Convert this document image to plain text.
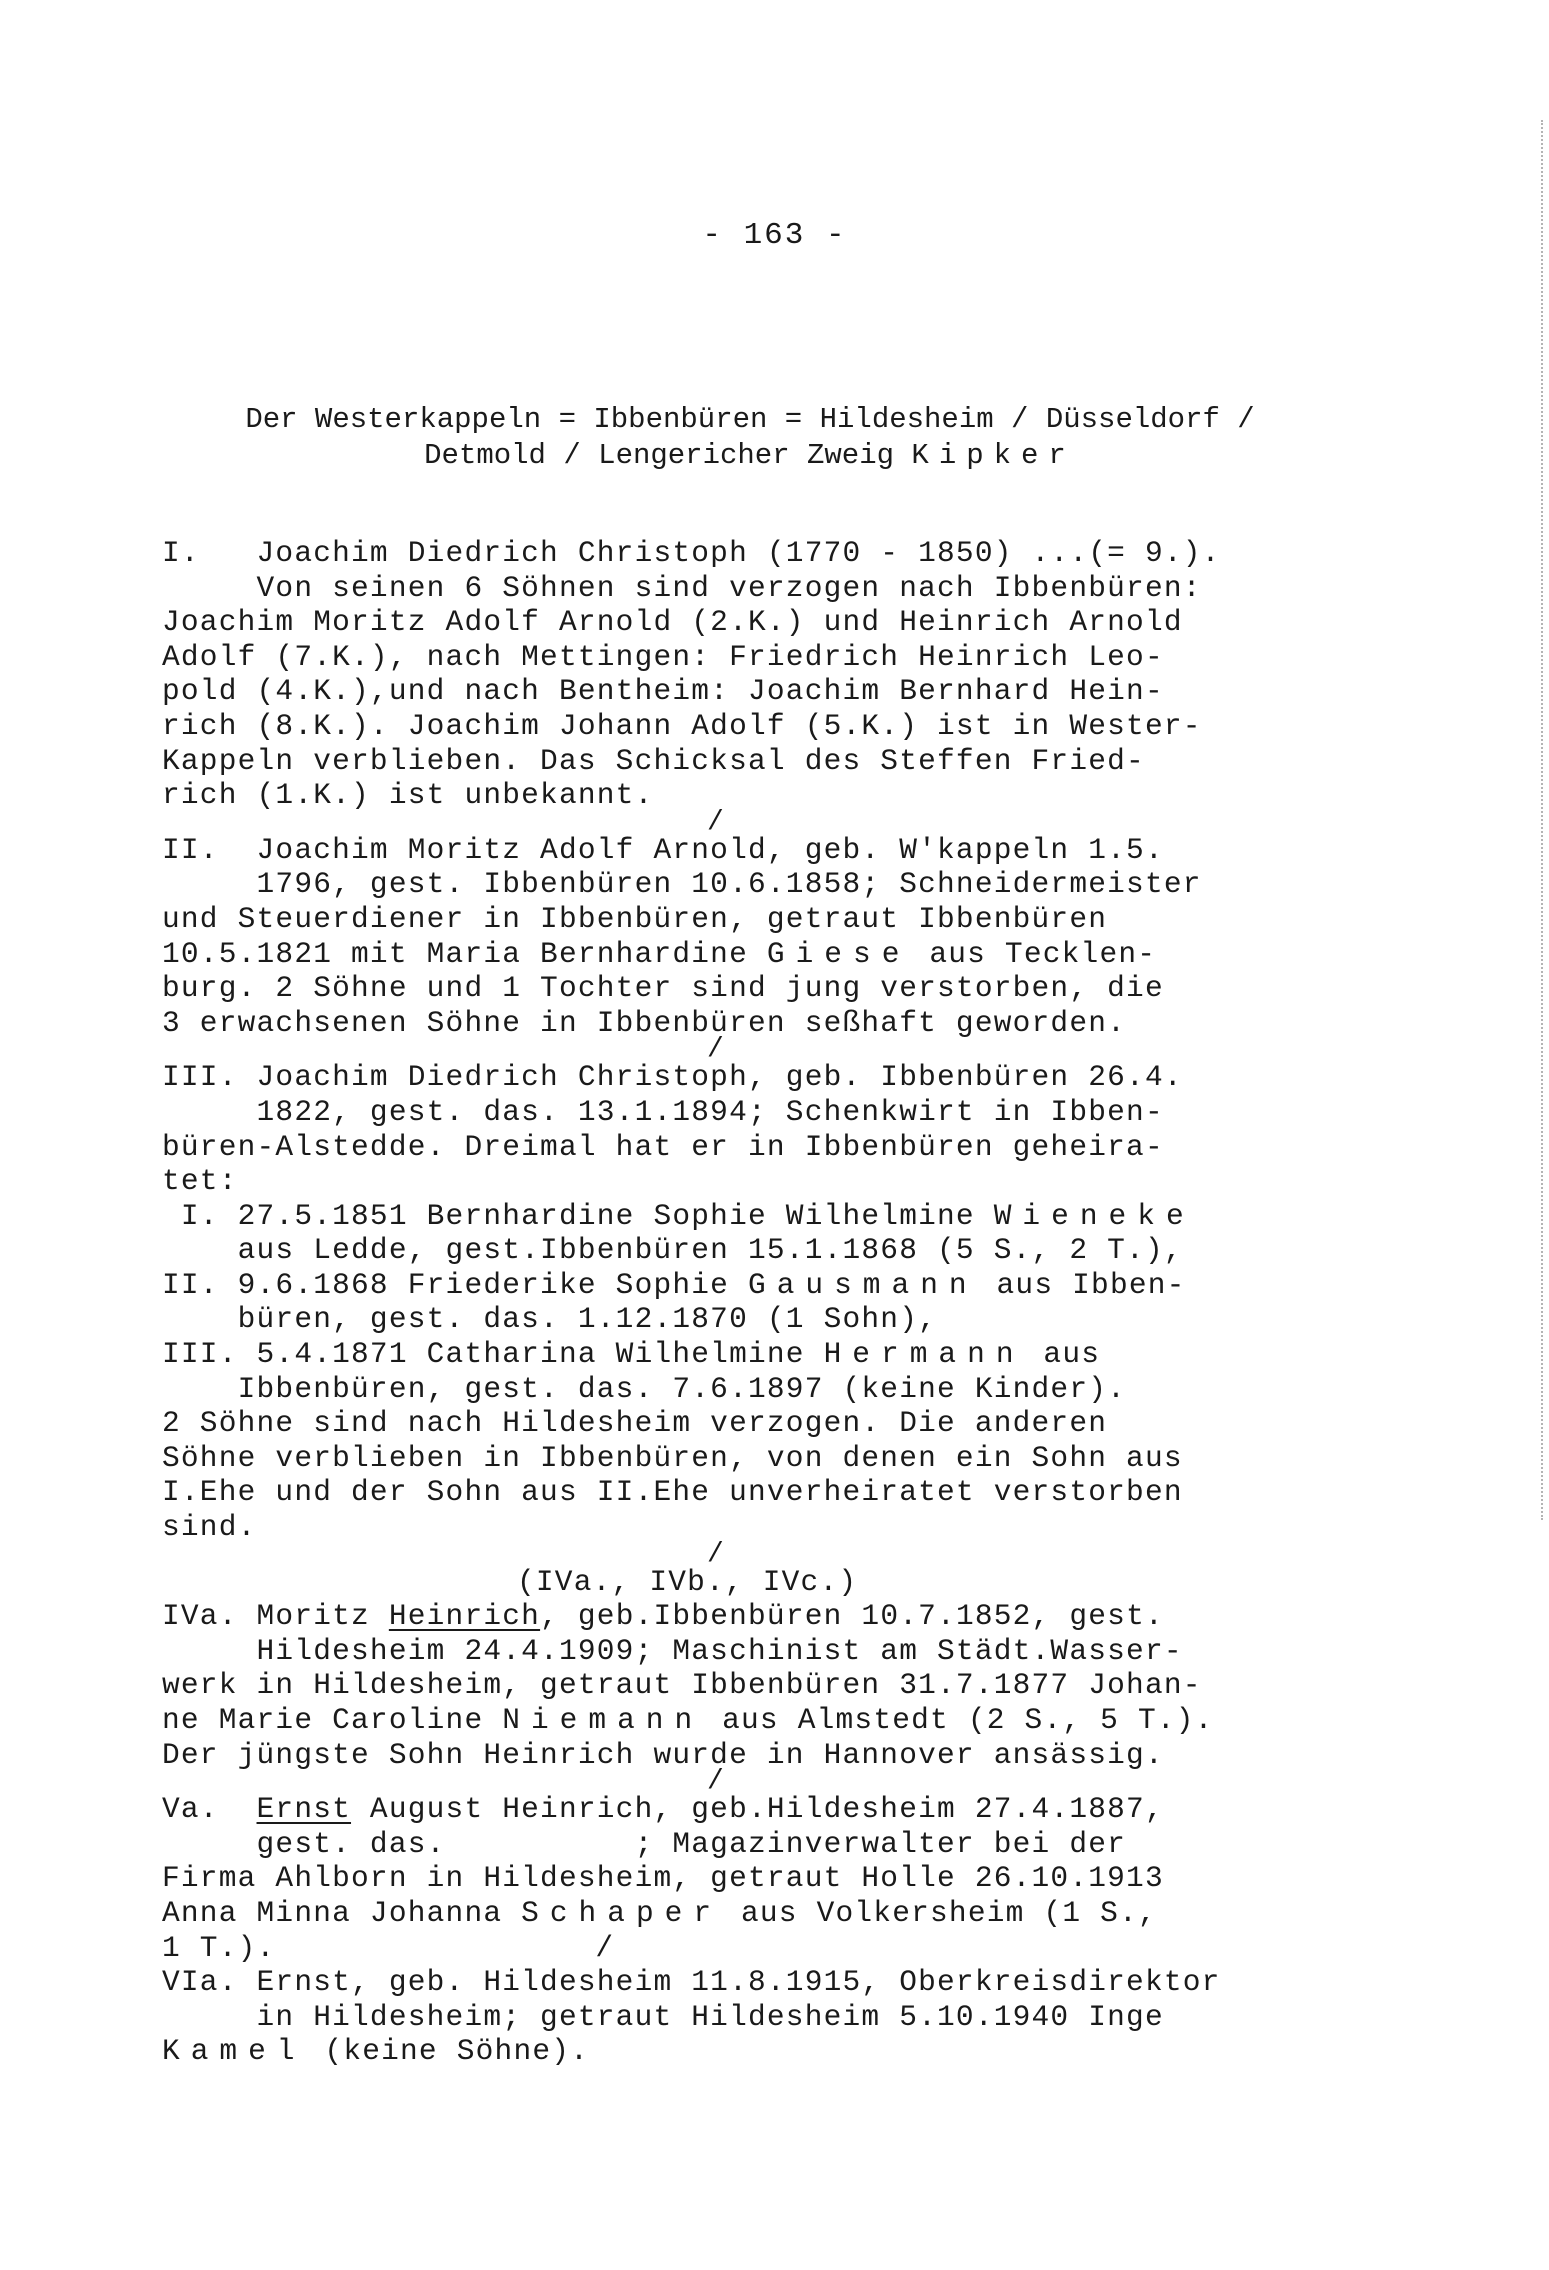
- 163 -
Der Westerkappeln = Ibbenbüren = Hildesheim / Düsseldorf /
Detmold / Lengericher Zweig Kipker
I.   Joachim Diedrich Christoph (1770 - 1850) ...(= 9.).
Von seinen 6 Söhnen sind verzogen nach Ibbenbüren:
Joachim Moritz Adolf Arnold (2.K.) und Heinrich Arnold
Adolf (7.K.), nach Mettingen: Friedrich Heinrich Leo-
pold (4.K.),und nach Bentheim: Joachim Bernhard Hein-
rich (8.K.). Joachim Johann Adolf (5.K.) ist in Wester-
Kappeln verblieben. Das Schicksal des Steffen Fried-
rich (1.K.) ist unbekannt.
/
II.  Joachim Moritz Adolf Arnold, geb. W'kappeln 1.5.
1796, gest. Ibbenbüren 10.6.1858; Schneidermeister
und Steuerdiener in Ibbenbüren, getraut Ibbenbüren
10.5.1821 mit Maria Bernhardine Giese aus Tecklen-
burg. 2 Söhne und 1 Tochter sind jung verstorben, die
3 erwachsenen Söhne in Ibbenbüren seßhaft geworden.
/
III. Joachim Diedrich Christoph, geb. Ibbenbüren 26.4.
1822, gest. das. 13.1.1894; Schenkwirt in Ibben-
büren-Alstedde. Dreimal hat er in Ibbenbüren geheira-
tet:
I. 27.5.1851 Bernhardine Sophie Wilhelmine Wieneke
aus Ledde, gest.Ibbenbüren 15.1.1868 (5 S., 2 T.),
II. 9.6.1868 Friederike Sophie Gausmann aus Ibben-
büren, gest. das. 1.12.1870 (1 Sohn),
III. 5.4.1871 Catharina Wilhelmine Hermann aus
Ibbenbüren, gest. das. 7.6.1897 (keine Kinder).
2 Söhne sind nach Hildesheim verzogen. Die anderen
Söhne verblieben in Ibbenbüren, von denen ein Sohn aus
I.Ehe und der Sohn aus II.Ehe unverheiratet verstorben
sind.
/
(IVa., IVb., IVc.)
IVa. Moritz Heinrich, geb.Ibbenbüren 10.7.1852, gest.
Hildesheim 24.4.1909; Maschinist am Städt.Wasser-
werk in Hildesheim, getraut Ibbenbüren 31.7.1877 Johan-
ne Marie Caroline Niemann aus Almstedt (2 S., 5 T.).
Der jüngste Sohn Heinrich wurde in Hannover ansässig.
/
Va.  Ernst August Heinrich, geb.Hildesheim 27.4.1887,
gest. das.          ; Magazinverwalter bei der
Firma Ahlborn in Hildesheim, getraut Holle 26.10.1913
Anna Minna Johanna Schaper aus Volkersheim (1 S.,
1 T.).	/
VIa. Ernst, geb. Hildesheim 11.8.1915, Oberkreisdirektor
in Hildesheim; getraut Hildesheim 5.10.1940 Inge
Kamel (keine Söhne).
